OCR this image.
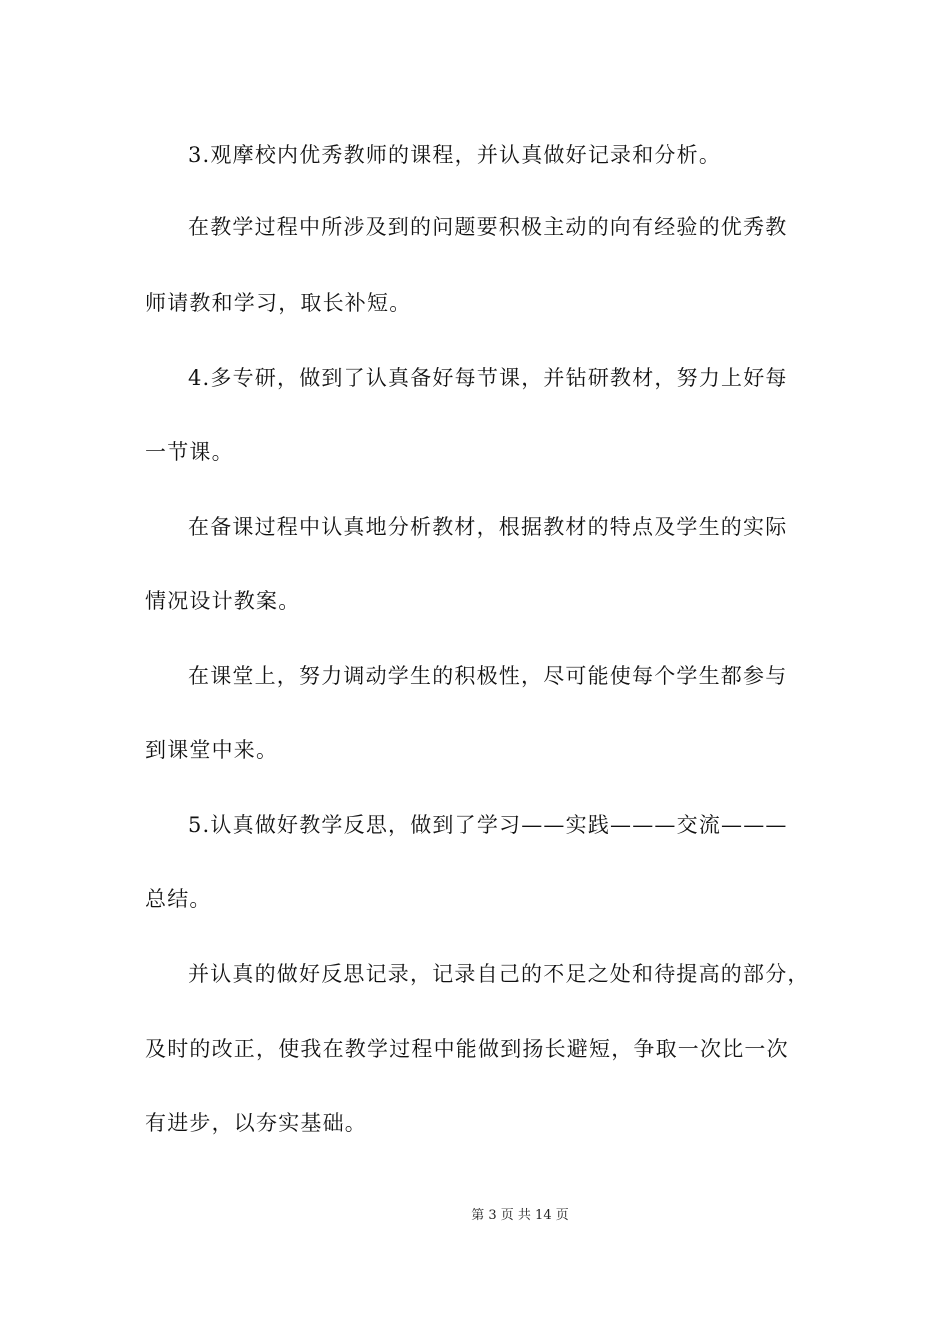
3.观摩校内优秀教师的课程，并认真做好记录和分析。
在教学过程中所涉及到的问题要积极主动的向有经验的优秀教
师请教和学习，取长补短。
4.多专研，做到了认真备好每节课，并钻研教材，努力上好每
一节课。
在备课过程中认真地分析教材，根据教材的特点及学生的实际
情况设计教案。
在课堂上，努力调动学生的积极性，尽可能使每个学生都参与
到课堂中来。
5.认真做好教学反思，做到了学习——实践———交流———
总结。
并认真的做好反思记录，记录自己的不足之处和待提高的部分，
及时的改正，使我在教学过程中能做到扬长避短，争取一次比一次
有进步，以夯实基础。
第 3 页 共 14 页
